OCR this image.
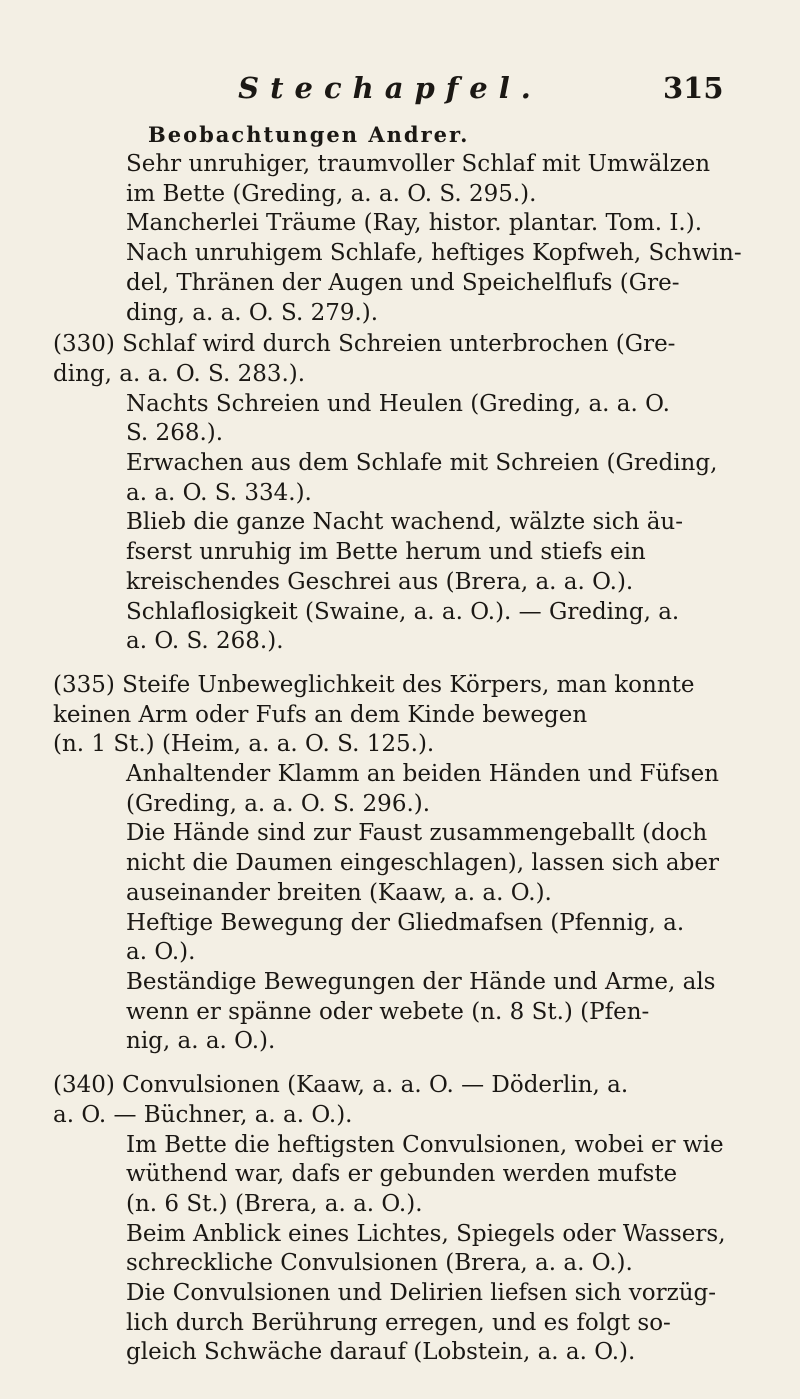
Stechapfel.	315
Beobachtungen Andrer.

Sehr unruhiger, traumvoller Schlaf mit Umwälzen
im Bette (Greding, a. a. O. S. 295.).

Mancherlei Träume (Ray, histor. plantar. Tom. I.).

Nach unruhigem Schlafe, heftiges Kopfweh, Schwin-
del, Thränen der Augen und Speichelflufs (Gre-
ding, a. a. O. S. 279.).

(330) Schlaf wird durch Schreien unterbrochen (Gre-
ding, a. a. O. S. 283.).

Nachts Schreien und Heulen (Greding, a. a. O.
S. 268.).

Erwachen aus dem Schlafe mit Schreien (Greding,
a. a. O. S. 334.).

Blieb die ganze Nacht wachend, wälzte sich äu-
fserst unruhig im Bette herum und stiefs ein
kreischendes Geschrei aus (Brera, a. a. O.).

Schlaflosigkeit (Swaine, a. a. O.). — Greding, a.
a. O. S. 268.).

(335) Steife Unbeweglichkeit des Körpers, man konnte
keinen Arm oder Fufs an dem Kinde bewegen
(n. 1 St.) (Heim, a. a. O. S. 125.).

Anhaltender Klamm an beiden Händen und Füfsen
(Greding, a. a. O. S. 296.).

Die Hände sind zur Faust zusammengeballt (doch
nicht die Daumen eingeschlagen), lassen sich aber
auseinander breiten (Kaaw, a. a. O.).

Heftige Bewegung der Gliedmafsen (Pfennig, a.
a. O.).

Beständige Bewegungen der Hände und Arme, als
wenn er spänne oder webete (n. 8 St.) (Pfen-
nig, a. a. O.).

(340) Convulsionen (Kaaw, a. a. O. — Döderlin, a.
a. O. — Büchner, a. a. O.).

Im Bette die heftigsten Convulsionen, wobei er wie
wüthend war, dafs er gebunden werden mufste
(n. 6 St.) (Brera, a. a. O.).

Beim Anblick eines Lichtes, Spiegels oder Wassers,
schreckliche Convulsionen (Brera, a. a. O.).

Die Convulsionen und Delirien liefsen sich vorzüg-
lich durch Berührung erregen, und es folgt so-
gleich Schwäche darauf (Lobstein, a. a. O.).
